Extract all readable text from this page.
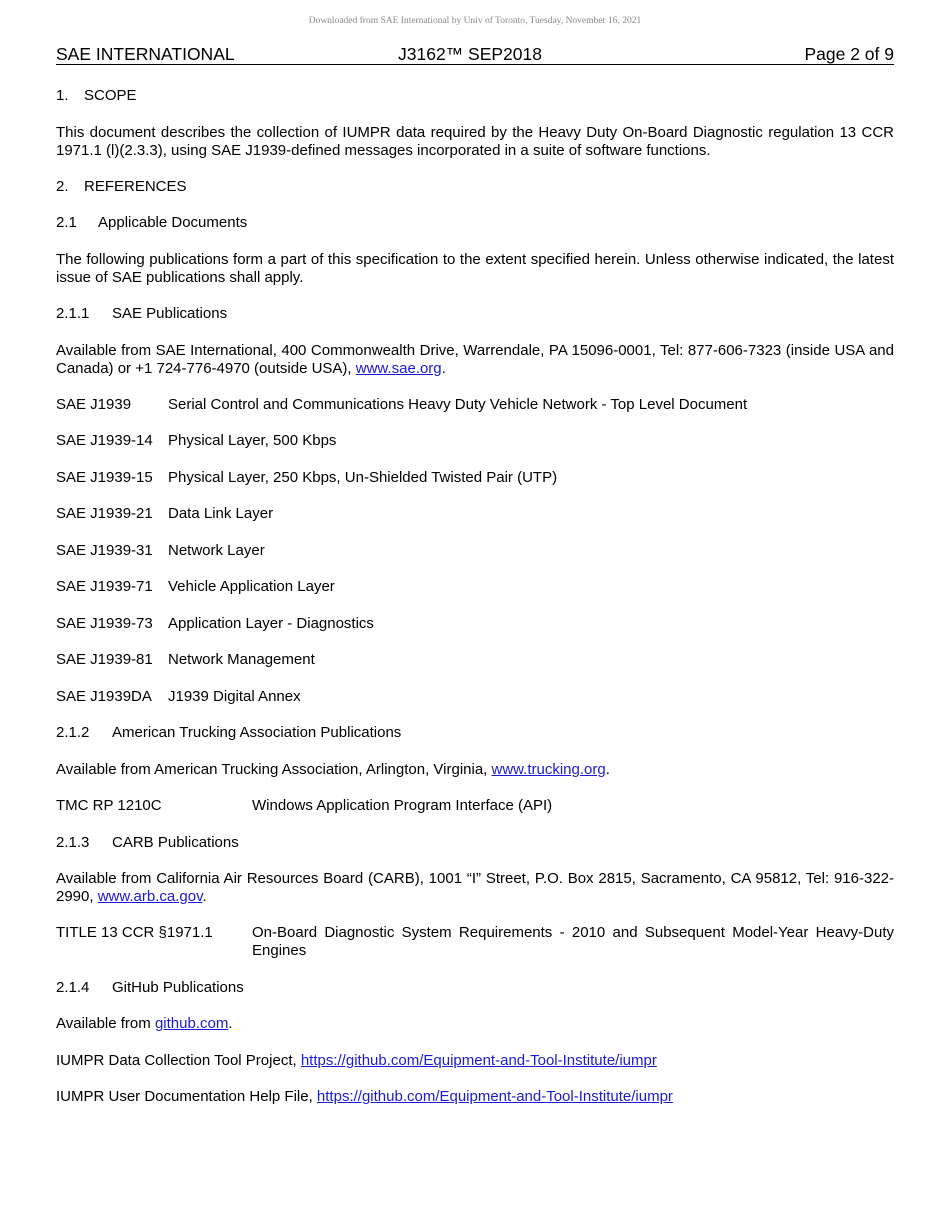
Downloaded from SAE International by Univ of Toronto, Tuesday, November 16, 2021
SAE INTERNATIONAL	J3162™ SEP2018	Page 2 of 9
1. SCOPE
This document describes the collection of IUMPR data required by the Heavy Duty On-Board Diagnostic regulation 13 CCR 1971.1 (l)(2.3.3), using SAE J1939-defined messages incorporated in a suite of software functions.
2. REFERENCES
2.1 Applicable Documents
The following publications form a part of this specification to the extent specified herein. Unless otherwise indicated, the latest issue of SAE publications shall apply.
2.1.1 SAE Publications
Available from SAE International, 400 Commonwealth Drive, Warrendale, PA 15096-0001, Tel: 877-606-7323 (inside USA and Canada) or +1 724-776-4970 (outside USA), www.sae.org.
SAE J1939 Serial Control and Communications Heavy Duty Vehicle Network - Top Level Document
SAE J1939-14 Physical Layer, 500 Kbps
SAE J1939-15 Physical Layer, 250 Kbps, Un-Shielded Twisted Pair (UTP)
SAE J1939-21 Data Link Layer
SAE J1939-31 Network Layer
SAE J1939-71 Vehicle Application Layer
SAE J1939-73 Application Layer - Diagnostics
SAE J1939-81 Network Management
SAE J1939DA J1939 Digital Annex
2.1.2 American Trucking Association Publications
Available from American Trucking Association, Arlington, Virginia, www.trucking.org.
TMC RP 1210C	Windows Application Program Interface (API)
2.1.3 CARB Publications
Available from California Air Resources Board (CARB), 1001 “I” Street, P.O. Box 2815, Sacramento, CA 95812, Tel: 916-322-2990, www.arb.ca.gov.
TITLE 13 CCR §1971.1	On-Board Diagnostic System Requirements - 2010 and Subsequent Model-Year Heavy-Duty Engines
2.1.4 GitHub Publications
Available from github.com.
IUMPR Data Collection Tool Project, https://github.com/Equipment-and-Tool-Institute/iumpr
IUMPR User Documentation Help File, https://github.com/Equipment-and-Tool-Institute/iumpr
